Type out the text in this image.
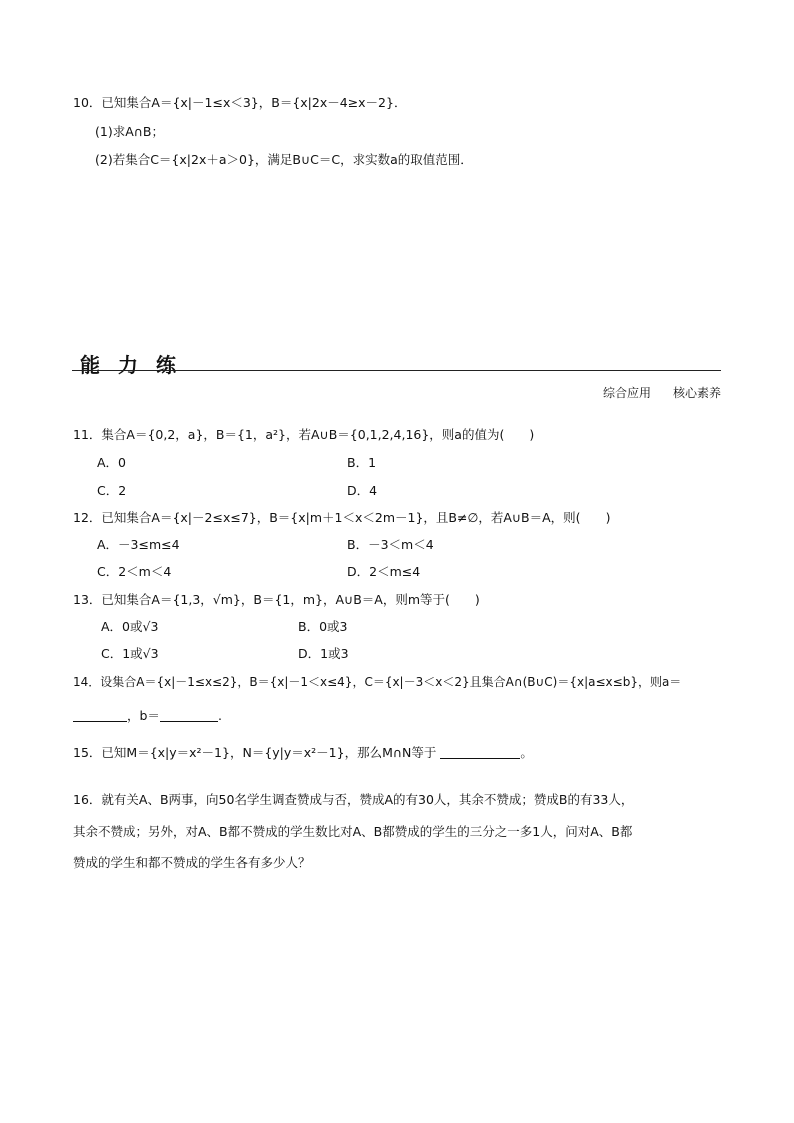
10．已知集合A＝{x|－1≤x＜3}，B＝{x|2x－4≥x－2}．
(1)求A∩B；
(2)若集合C＝{x|2x＋a＞0}，满足B∪C＝C，求实数a的取值范围．
能力练
综合应用 核心素养
11．集合A＝{0,2，a}，B＝{1，a²}，若A∪B＝{0,1,2,4,16}，则a的值为(　　)
A．0	B．1
C．2	D．4
12．已知集合A＝{x|－2≤x≤7}，B＝{x|m＋1＜x＜2m－1}，且B≠∅，若A∪B＝A，则(　　)
A．－3≤m≤4	B．－3＜m＜4
C．2＜m＜4	D．2＜m≤4
13．已知集合A＝{1,3，√m}，B＝{1，m}，A∪B＝A，则m等于(　　)
A．0或√3	B．0或3
C．1或√3	D．1或3
14．设集合A＝{x|－1≤x≤2}，B＝{x|－1＜x≤4}，C＝{x|－3＜x＜2}且集合A∩(B∪C)＝{x|a≤x≤b}，则a＝
，b＝	.
15．已知M＝{x|y＝x²－1}，N＝{y|y＝x²－1}，那么M∩N等于	。
16．就有关A、B两事，向50名学生调查赞成与否，赞成A的有30人，其余不赞成；赞成B的有33人，
其余不赞成；另外，对A、B都不赞成的学生数比对A、B都赞成的学生的三分之一多1人，问对A、B都
赞成的学生和都不赞成的学生各有多少人？
